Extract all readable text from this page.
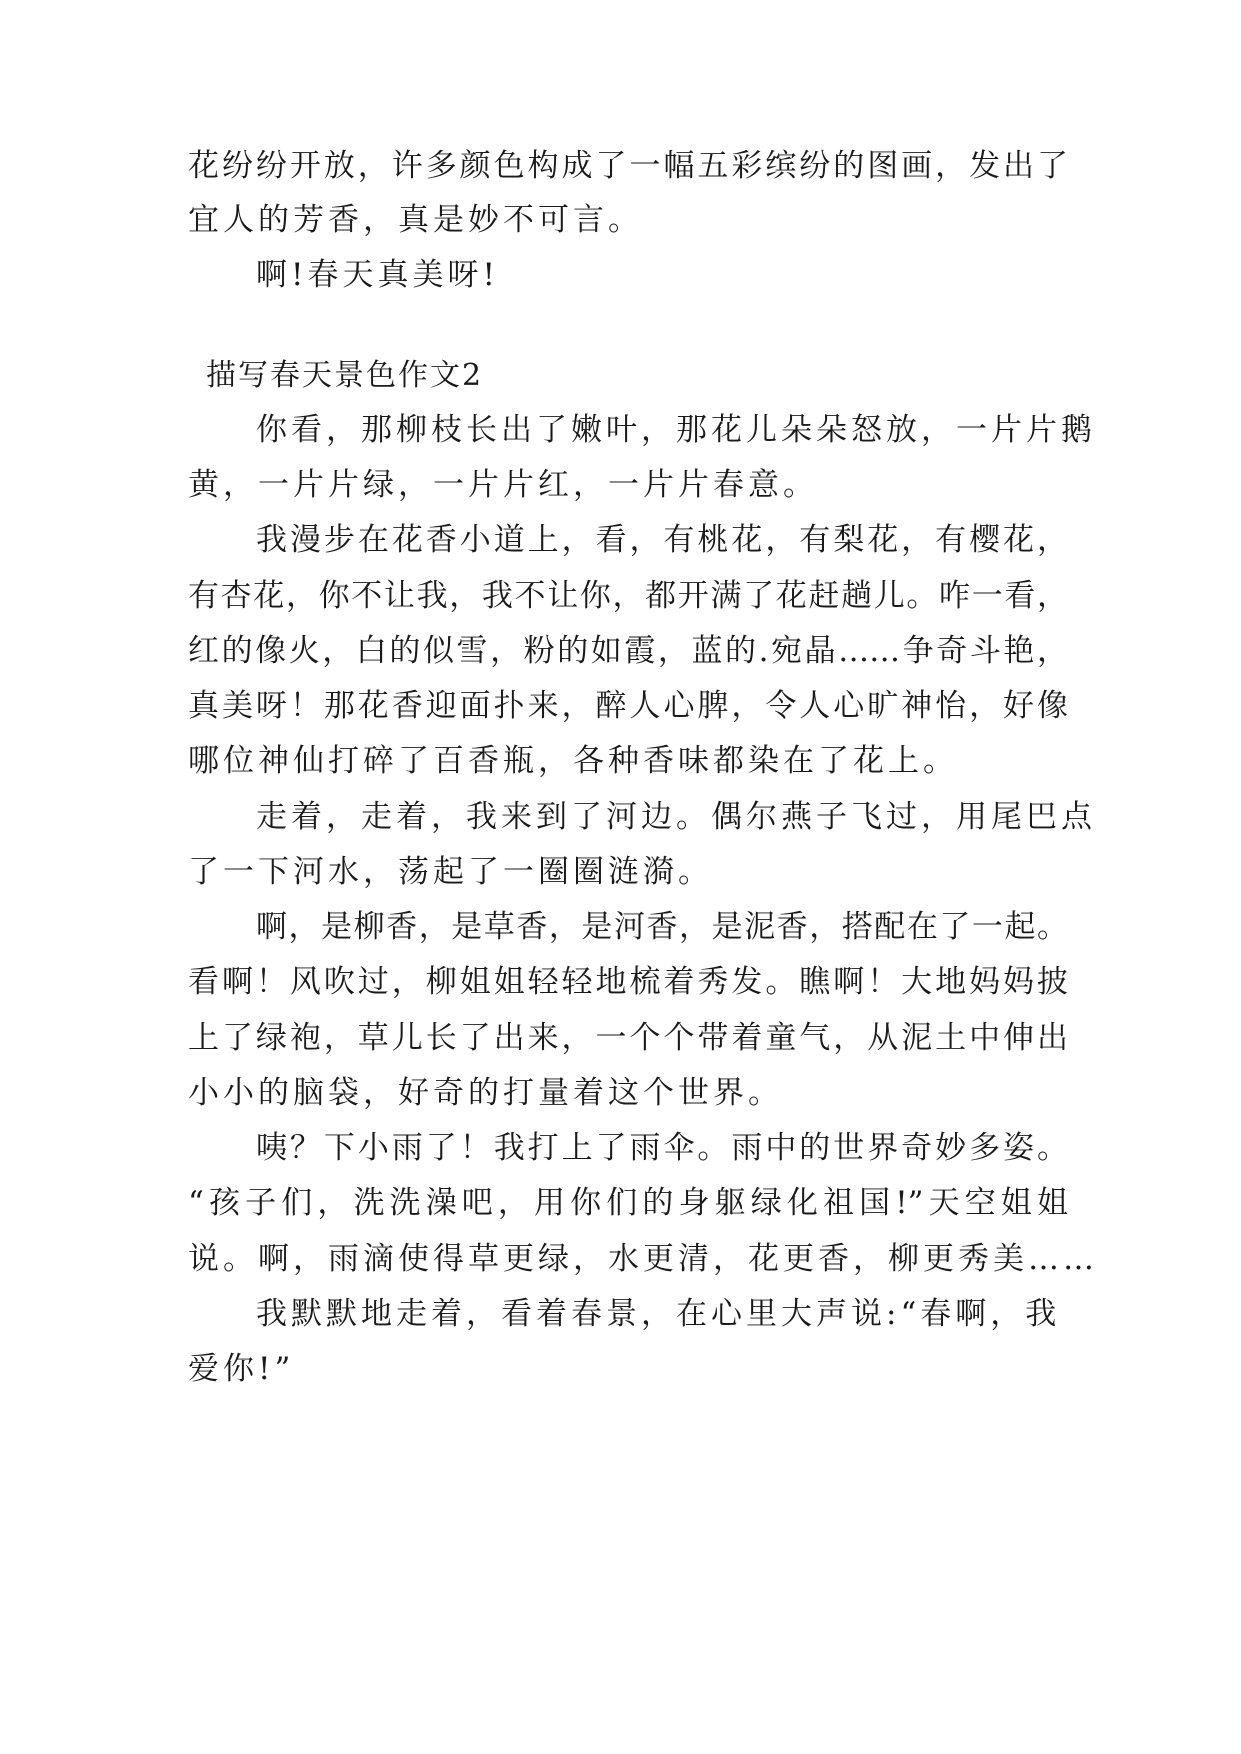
花纷纷开放，许多颜色构成了一幅五彩缤纷的图画，发出了
宜人的芳香，真是妙不可言。
啊!春天真美呀!
描写春天景色作文2
你看，那柳枝长出了嫩叶，那花儿朵朵怒放，一片片鹅
黄，一片片绿，一片片红，一片片春意。
我漫步在花香小道上，看，有桃花，有梨花，有樱花，
有杏花，你不让我，我不让你，都开满了花赶趟儿。咋一看，
红的像火，白的似雪，粉的如霞，蓝的.宛晶……争奇斗艳，
真美呀！那花香迎面扑来，醉人心脾，令人心旷神怡，好像
哪位神仙打碎了百香瓶，各种香味都染在了花上。
走着，走着，我来到了河边。偶尔燕子飞过，用尾巴点
了一下河水，荡起了一圈圈涟漪。
啊，是柳香，是草香，是河香，是泥香，搭配在了一起。
看啊！风吹过，柳姐姐轻轻地梳着秀发。瞧啊！大地妈妈披
上了绿袍，草儿长了出来，一个个带着童气，从泥土中伸出
小小的脑袋，好奇的打量着这个世界。
咦？下小雨了！我打上了雨伞。雨中的世界奇妙多姿。
“孩子们，洗洗澡吧，用你们的身躯绿化祖国!”天空姐姐
说。啊，雨滴使得草更绿，水更清，花更香，柳更秀美……
我默默地走着，看着春景，在心里大声说:“春啊，我
爱你!”
